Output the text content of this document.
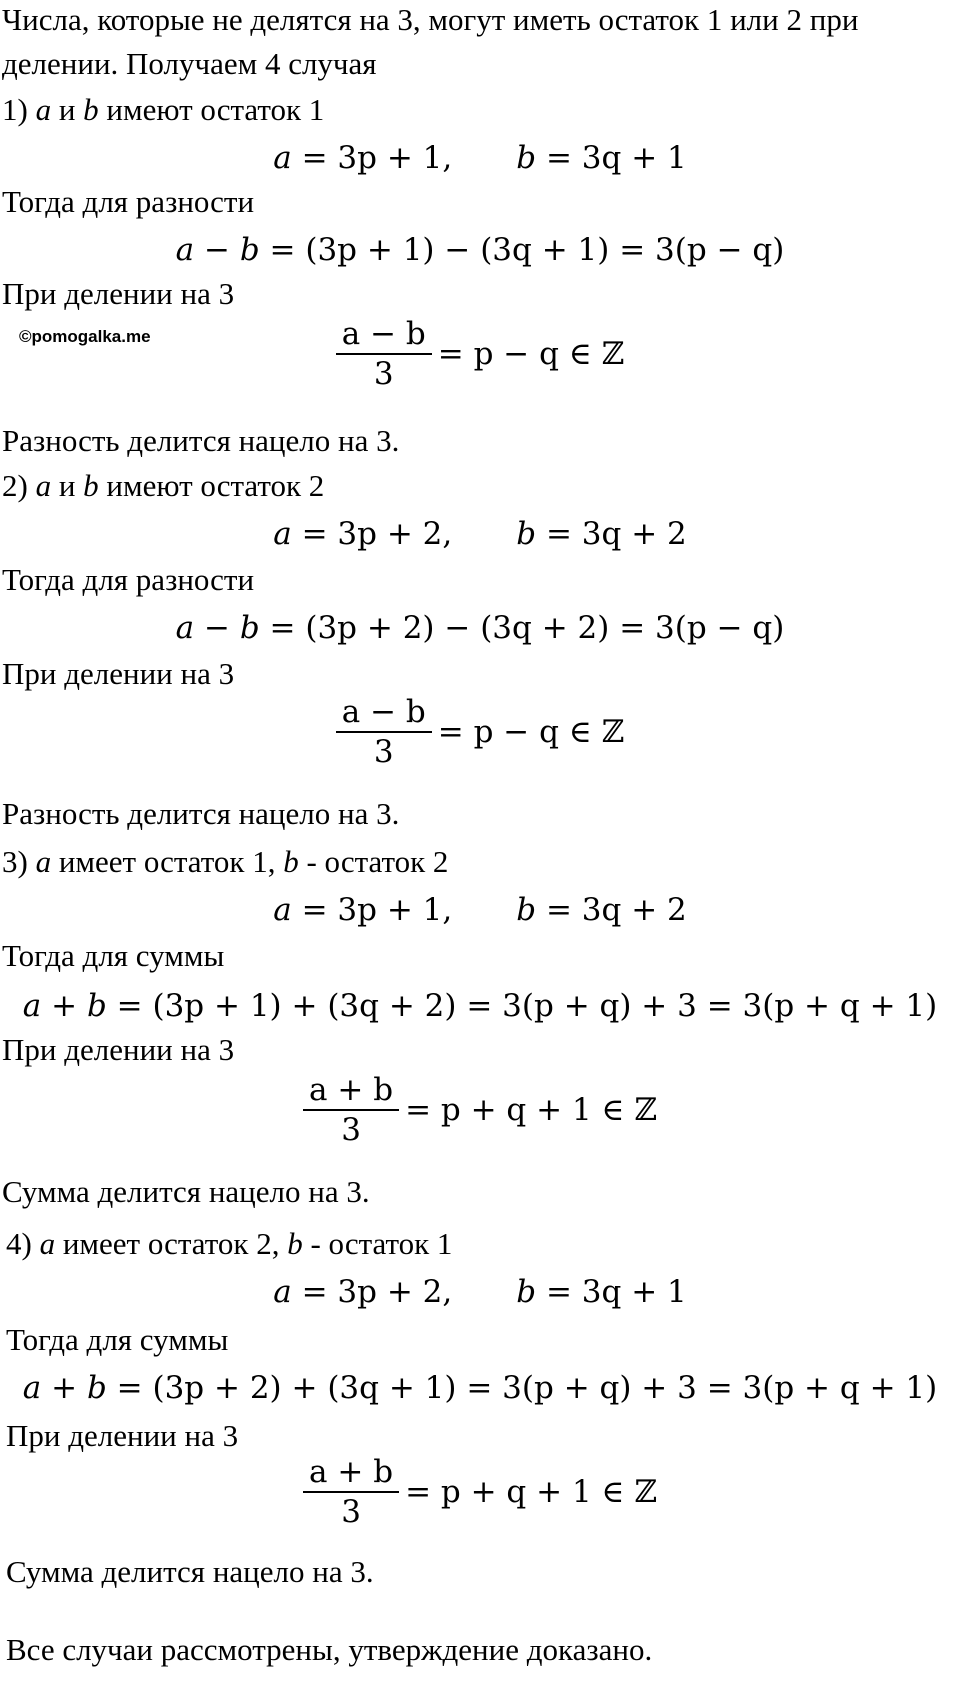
Числа, которые не делятся на 3, могут иметь остаток 1 или 2 при
делении. Получаем 4 случая
1) a и b имеют остаток 1
a = 3p + 1, b = 3q + 1
Тогда для разности
a − b = (3p + 1) − (3q + 1) = 3(p − q)
При делении на 3
©pomogalka.me	$\frac{a - b}{3} = p - q$ ∈ ℤ
Разность делится нацело на 3.
2) a и b имеют остаток 2
a = 3p + 2, b = 3q + 2
Тогда для разности
a − b = (3p + 2) − (3q + 2) = 3(p − q)
При делении на 3
$\frac{a - b}{3} = p - q$ ∈ ℤ
Разность делится нацело на 3.
3) a имеет остаток 1, b - остаток 2
a = 3p + 1, b = 3q + 2
Тогда для суммы
a + b = (3p + 1) + (3q + 2) = 3(p + q) + 3 = 3(p + q + 1)
При делении на 3
$\frac{a + b}{3} = p + q + 1$ ∈ ℤ
Сумма делится нацело на 3.
4) a имеет остаток 2, b - остаток 1
a = 3p + 2, b = 3q + 1
Тогда для суммы
a + b = (3p + 2) + (3q + 1) = 3(p + q) + 3 = 3(p + q + 1)
При делении на 3
$\frac{a + b}{3} = p + q + 1$ ∈ ℤ
Сумма делится нацело на 3.
Все случаи рассмотрены, утверждение доказано.
